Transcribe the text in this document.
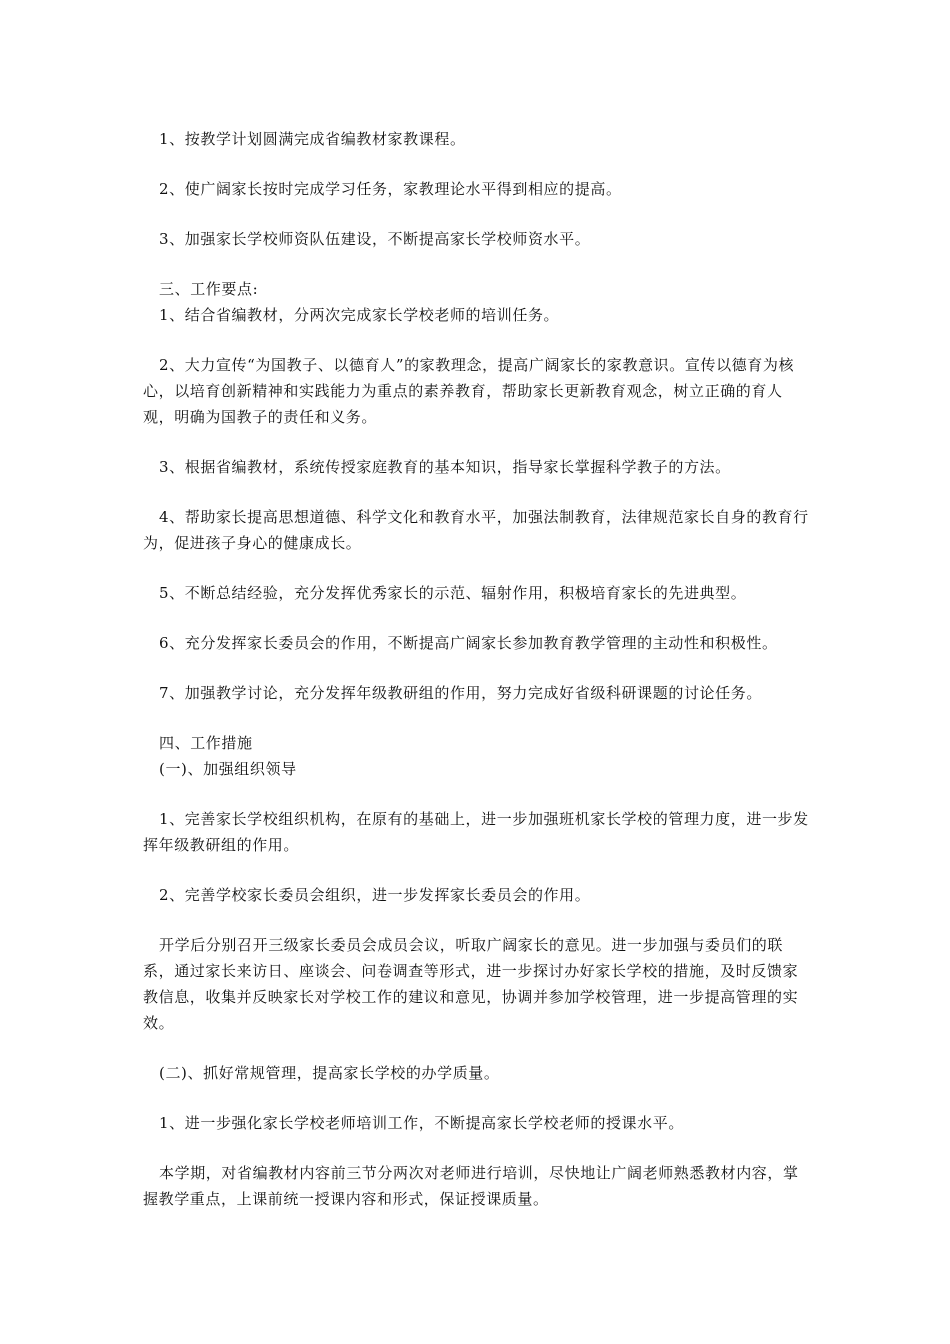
1、按教学计划圆满完成省编教材家教课程。

2、使广阔家长按时完成学习任务，家教理论水平得到相应的提高。

3、加强家长学校师资队伍建设，不断提高家长学校师资水平。

三、工作要点:

1、结合省编教材，分两次完成家长学校老师的培训任务。

2、大力宣传“为国教子、以德育人”的家教理念，提高广阔家长的家教意识。宣传以德育为核心，以培育创新精神和实践能力为重点的素养教育，帮助家长更新教育观念，树立正确的育人观，明确为国教子的责任和义务。

3、根据省编教材，系统传授家庭教育的基本知识，指导家长掌握科学教子的方法。

4、帮助家长提高思想道德、科学文化和教育水平，加强法制教育，法律规范家长自身的教育行为，促进孩子身心的健康成长。

5、不断总结经验，充分发挥优秀家长的示范、辐射作用，积极培育家长的先进典型。

6、充分发挥家长委员会的作用，不断提高广阔家长参加教育教学管理的主动性和积极性。

7、加强教学讨论，充分发挥年级教研组的作用，努力完成好省级科研课题的讨论任务。

四、工作措施

(一)、加强组织领导

1、完善家长学校组织机构，在原有的基础上，进一步加强班机家长学校的管理力度，进一步发挥年级教研组的作用。

2、完善学校家长委员会组织，进一步发挥家长委员会的作用。

开学后分别召开三级家长委员会成员会议，听取广阔家长的意见。进一步加强与委员们的联系，通过家长来访日、座谈会、问卷调查等形式，进一步探讨办好家长学校的措施，及时反馈家教信息，收集并反映家长对学校工作的建议和意见，协调并参加学校管理，进一步提高管理的实效。

(二)、抓好常规管理，提高家长学校的办学质量。

1、进一步强化家长学校老师培训工作，不断提高家长学校老师的授课水平。

本学期，对省编教材内容前三节分两次对老师进行培训，尽快地让广阔老师熟悉教材内容，掌握教学重点，上课前统一授课内容和形式，保证授课质量。
